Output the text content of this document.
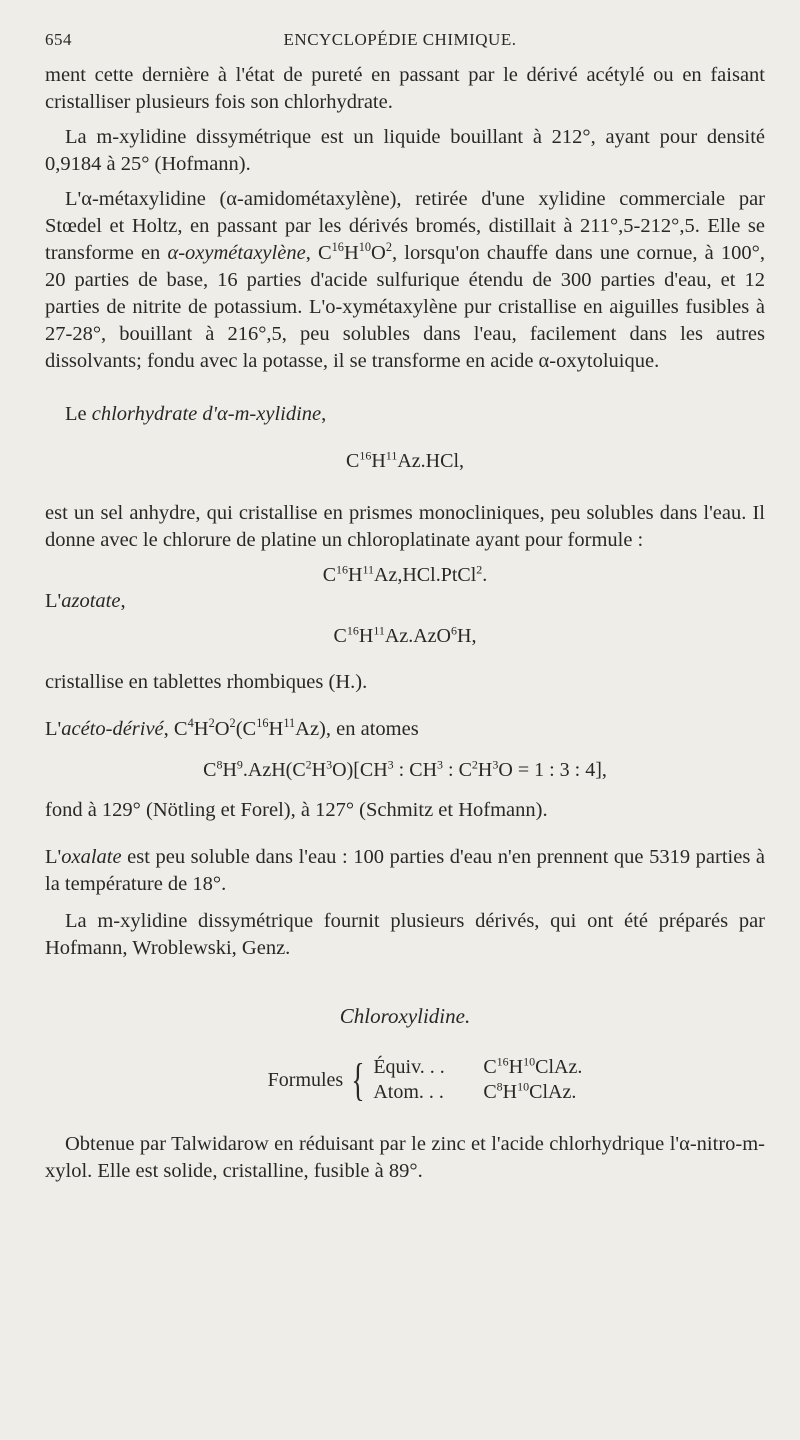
654	ENCYCLOPÉDIE CHIMIQUE.

ment cette dernière à l'état de pureté en passant par le dérivé acétylé ou en faisant cristalliser plusieurs fois son chlorhydrate.

La m-xylidine dissymétrique est un liquide bouillant à 212°, ayant pour densité 0,9184 à 25° (Hofmann).

L'α-métaxylidine (α-amidométaxylène), retirée d'une xylidine commerciale par Stœdel et Holtz, en passant par les dérivés bromés, distillait à 211°,5-212°,5. Elle se transforme en α-oxymétaxylène, $C^{16}H^{10}O^2$, lorsqu'on chauffe dans une cornue, à 100°, 20 parties de base, 16 parties d'acide sulfurique étendu de 300 parties d'eau, et 12 parties de nitrite de potassium. L'o-xymétaxylène pur cristallise en aiguilles fusibles à 27-28°, bouillant à 216°,5, peu solubles dans l'eau, facilement dans les autres dissolvants; fondu avec la potasse, il se transforme en acide α-oxytoluique.

Le chlorhydrate d'α-m-xylidine,

$C^{16}H^{11}Az.HCl$,

est un sel anhydre, qui cristallise en prismes monocliniques, peu solubles dans l'eau. Il donne avec le chlorure de platine un chloroplatinate ayant pour formule :

$C^{16}H^{11}Az,HCl.PtCl^2$.

L'azotate,

$C^{16}H^{11}Az.AzO^6H$,

cristallise en tablettes rhombiques (H.).

L'acéto-dérivé, $C^4H^2O^2(C^{16}H^{11}Az)$, en atomes

$C^8H^9.AzH(C^2H^3O)[CH^3$ : $CH^3$ : $C^2H^3O = 1$ : 3 : 4],

fond à 129° (Nötling et Forel), à 127° (Schmitz et Hofmann).

L'oxalate est peu soluble dans l'eau : 100 parties d'eau n'en prennent que 5319 parties à la température de 18°.

La m-xylidine dissymétrique fournit plusieurs dérivés, qui ont été préparés par Hofmann, Wroblewski, Genz.

Chloroxylidine.
Formules { Équiv. . .	$C^{16}H^{10}ClAz$.
Atom. . .	$C^8H^{10}ClAz$.

Obtenue par Talwidarow en réduisant par le zinc et l'acide chlorhydrique l'α-nitro-m-xylol. Elle est solide, cristalline, fusible à 89°.
